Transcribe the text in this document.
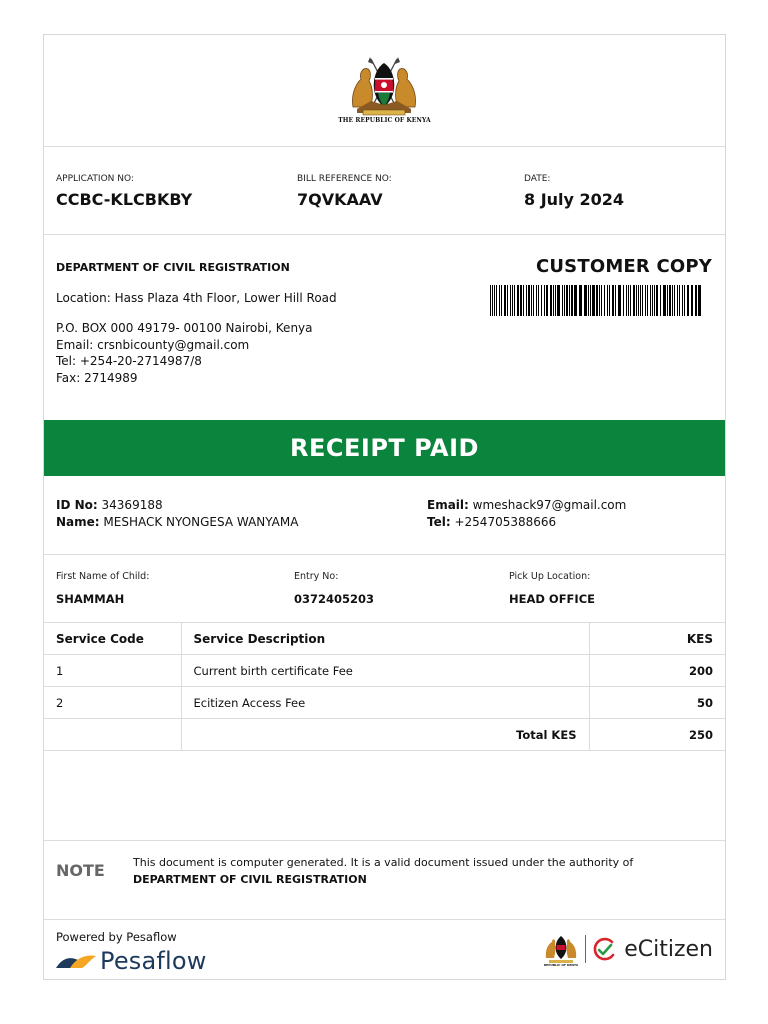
THE REPUBLIC OF KENYA
APPLICATION NO:
CCBC-KLCBKBY
BILL REFERENCE NO:
7QVKAAV
DATE:
8 July 2024
DEPARTMENT OF CIVIL REGISTRATION
Location: Hass Plaza 4th Floor, Lower Hill Road
P.O. BOX 000 49179- 00100 Nairobi, Kenya
Email: crsnbicounty@gmail.com
Tel: +254-20-2714987/8
Fax: 2714989
CUSTOMER COPY
RECEIPT PAID
ID No: 34369188
Name: MESHACK NYONGESA WANYAMA
Email: wmeshack97@gmail.com
Tel: +254705388666
First Name of Child:
SHAMMAH
Entry No:
0372405203
Pick Up Location:
HEAD OFFICE
Service Code	Service Description	KES
1	Current birth certificate Fee	200
2	Ecitizen Access Fee	50
	Total KES	250
NOTE	This document is computer generated. It is a valid document issued under the authority of
DEPARTMENT OF CIVIL REGISTRATION
Powered by Pesaflow
Pesaflow	REPUBLIC OF KENYA
eCitizen
